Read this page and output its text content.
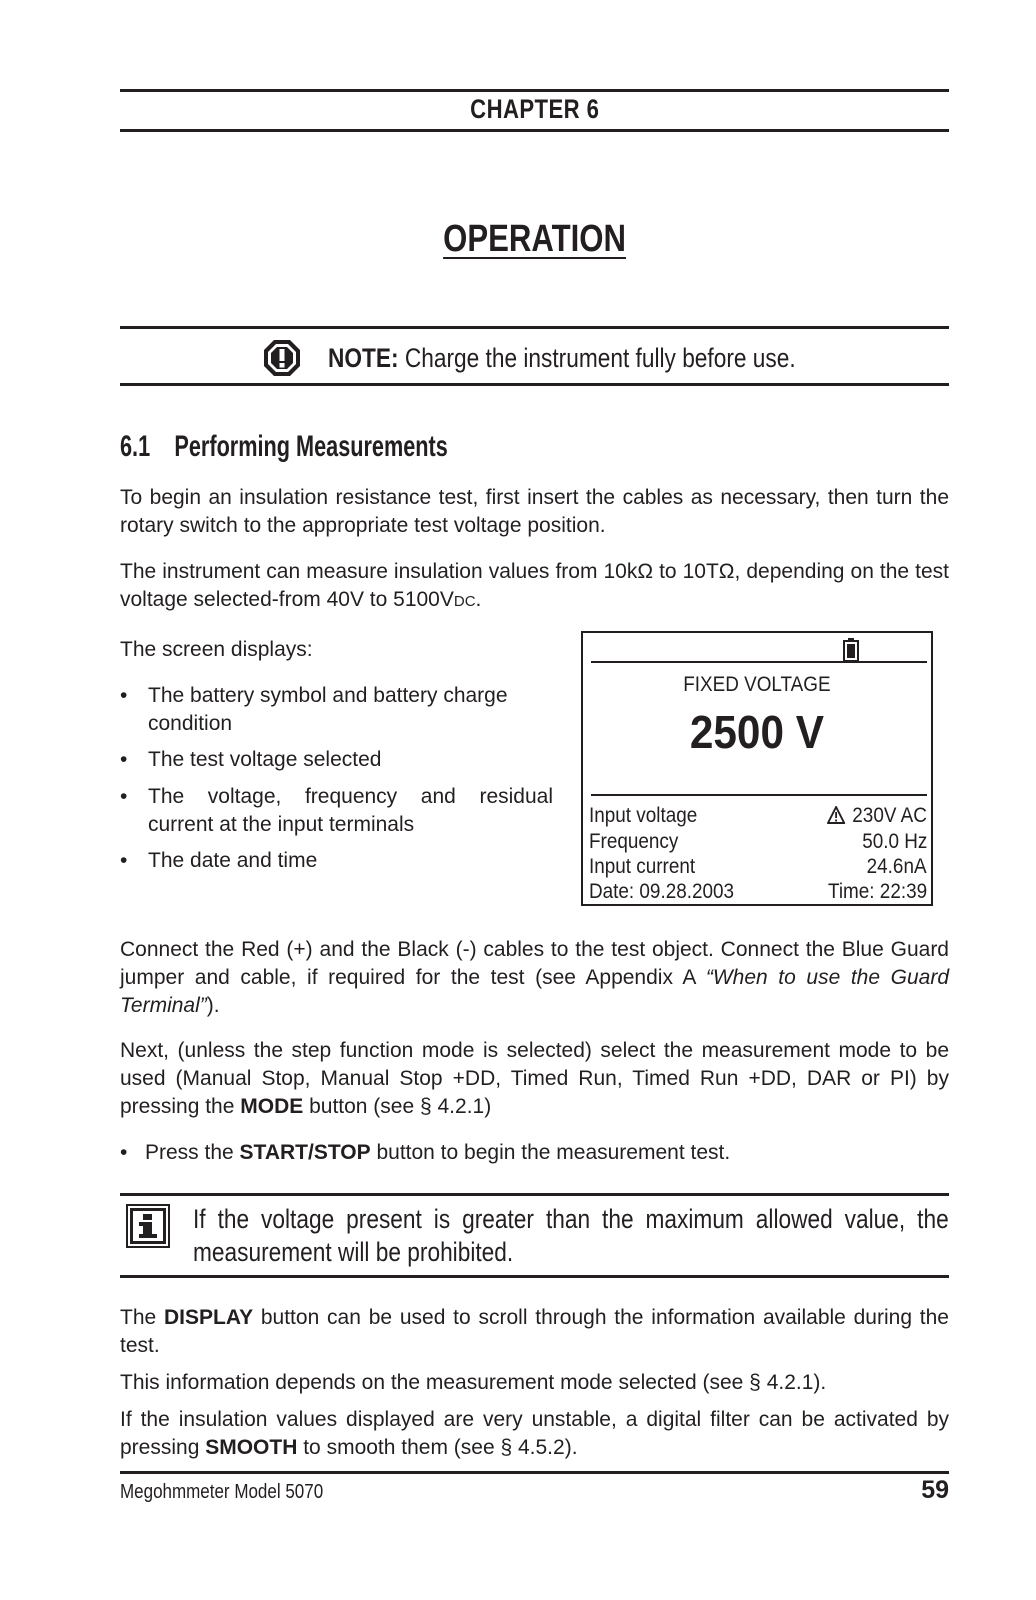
CHAPTER 6
OPERATION
NOTE: Charge the instrument fully before use.
6.1 Performing Measurements

To begin an insulation resistance test, first insert the cables as necessary, then turn the rotary switch to the appropriate test voltage position.

The instrument can measure insulation values from 10kΩ to 10TΩ, depending on the test voltage selected-from 40V to 5100VDC.

The screen displays:

• The battery symbol and battery charge condition
• The test voltage selected
• The voltage, frequency and residual current at the input terminals
• The date and time
FIXED VOLTAGE
2500 V
Input voltage	230V AC
Frequency	50.0 Hz
Input current	24.6nA
Date: 09.28.2003	Time: 22:39

Connect the Red (+) and the Black (-) cables to the test object. Connect the Blue Guard jumper and cable, if required for the test (see Appendix A “When to use the Guard Terminal”).

Next, (unless the step function mode is selected) select the measurement mode to be used (Manual Stop, Manual Stop +DD, Timed Run, Timed Run +DD, DAR or PI) by pressing the MODE button (see § 4.2.1)

• Press the START/STOP button to begin the measurement test.
If the voltage present is greater than the maximum allowed value, the measurement will be prohibited.

The DISPLAY button can be used to scroll through the information available during the test.

This information depends on the measurement mode selected (see § 4.2.1).

If the insulation values displayed are very unstable, a digital filter can be activated by pressing SMOOTH to smooth them (see § 4.5.2).

Megohmmeter Model 5070	59
